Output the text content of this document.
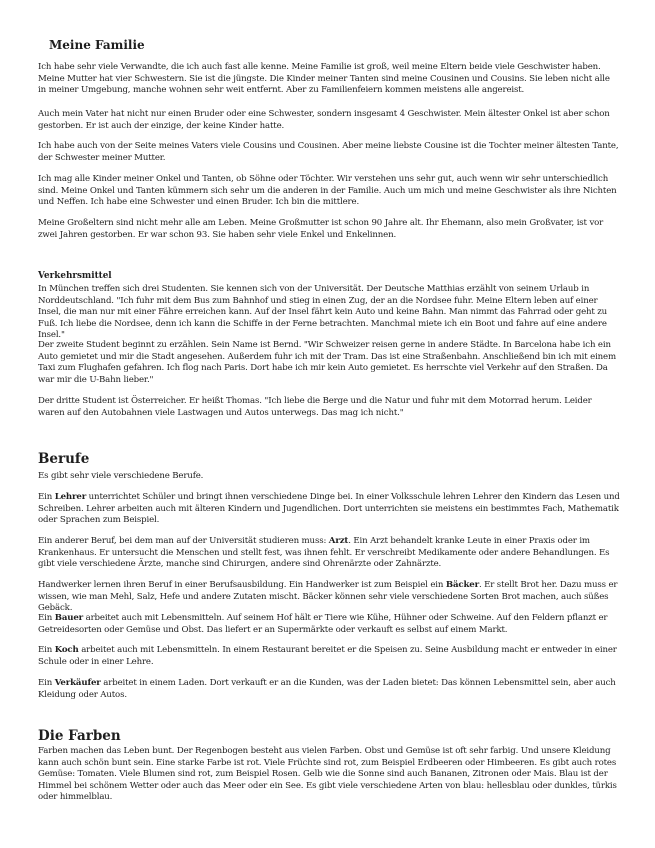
Meine Familie

Ich habe sehr viele Verwandte, die ich auch fast alle kenne. Meine Familie ist groß, weil meine Eltern beide viele Geschwister haben. Meine Mutter hat vier Schwestern. Sie ist die jüngste. Die Kinder meiner Tanten sind meine Cousinen und Cousins. Sie leben nicht alle in meiner Umgebung, manche wohnen sehr weit entfernt. Aber zu Familienfeiern kommen meistens alle angereist.

Auch mein Vater hat nicht nur einen Bruder oder eine Schwester, sondern insgesamt 4 Geschwister. Mein ältester Onkel ist aber schon gestorben. Er ist auch der einzige, der keine Kinder hatte.

Ich habe auch von der Seite meines Vaters viele Cousins und Cousinen. Aber meine liebste Cousine ist die Tochter meiner ältesten Tante, der Schwester meiner Mutter.

Ich mag alle Kinder meiner Onkel und Tanten, ob Söhne oder Töchter. Wir verstehen uns sehr gut, auch wenn wir sehr unterschiedlich sind. Meine Onkel und Tanten kümmern sich sehr um die anderen in der Familie. Auch um mich und meine Geschwister als ihre Nichten und Neffen. Ich habe eine Schwester und einen Bruder. Ich bin die mittlere.

Meine Großeltern sind nicht mehr alle am Leben. Meine Großmutter ist schon 90 Jahre alt. Ihr Ehemann, also mein Großvater, ist vor zwei Jahren gestorben. Er war schon 93. Sie haben sehr viele Enkel und Enkelinnen.

Verkehrsmittel

In München treffen sich drei Studenten. Sie kennen sich von der Universität. Der Deutsche Matthias erzählt von seinem Urlaub in Norddeutschland. "Ich fuhr mit dem Bus zum Bahnhof und stieg in einen Zug, der an die Nordsee fuhr. Meine Eltern leben auf einer Insel, die man nur mit einer Fähre erreichen kann. Auf der Insel fährt kein Auto und keine Bahn. Man nimmt das Fahrrad oder geht zu Fuß. Ich liebe die Nordsee, denn ich kann die Schiffe in der Ferne betrachten. Manchmal miete ich ein Boot und fahre auf eine andere Insel."

Der zweite Student beginnt zu erzählen. Sein Name ist Bernd. "Wir Schweizer reisen gerne in andere Städte. In Barcelona habe ich ein Auto gemietet und mir die Stadt angesehen. Außerdem fuhr ich mit der Tram. Das ist eine Straßenbahn. Anschließend bin ich mit einem Taxi zum Flughafen gefahren. Ich flog nach Paris. Dort habe ich mir kein Auto gemietet. Es herrschte viel Verkehr auf den Straßen. Da war mir die U-Bahn lieber."

Der dritte Student ist Österreicher. Er heißt Thomas. "Ich liebe die Berge und die Natur und fuhr mit dem Motorrad herum. Leider waren auf den Autobahnen viele Lastwagen und Autos unterwegs. Das mag ich nicht."

Berufe

Es gibt sehr viele verschiedene Berufe.

Ein Lehrer unterrichtet Schüler und bringt ihnen verschiedene Dinge bei. In einer Volksschule lehren Lehrer den Kindern das Lesen und Schreiben. Lehrer arbeiten auch mit älteren Kindern und Jugendlichen. Dort unterrichten sie meistens ein bestimmtes Fach, Mathematik oder Sprachen zum Beispiel.

Ein anderer Beruf, bei dem man auf der Universität studieren muss: Arzt. Ein Arzt behandelt kranke Leute in einer Praxis oder im Krankenhaus. Er untersucht die Menschen und stellt fest, was ihnen fehlt. Er verschreibt Medikamente oder andere Behandlungen. Es gibt viele verschiedene Ärzte, manche sind Chirurgen, andere sind Ohrenärzte oder Zahnärzte.

Handwerker lernen ihren Beruf in einer Berufsausbildung. Ein Handwerker ist zum Beispiel ein Bäcker. Er stellt Brot her. Dazu muss er wissen, wie man Mehl, Salz, Hefe und andere Zutaten mischt. Bäcker können sehr viele verschiedene Sorten Brot machen, auch süßes Gebäck.

Ein Bauer arbeitet auch mit Lebensmitteln. Auf seinem Hof hält er Tiere wie Kühe, Hühner oder Schweine. Auf den Feldern pflanzt er Getreidesorten oder Gemüse und Obst. Das liefert er an Supermärkte oder verkauft es selbst auf einem Markt.

Ein Koch arbeitet auch mit Lebensmitteln. In einem Restaurant bereitet er die Speisen zu. Seine Ausbildung macht er entweder in einer Schule oder in einer Lehre.

Ein Verkäufer arbeitet in einem Laden. Dort verkauft er an die Kunden, was der Laden bietet: Das können Lebensmittel sein, aber auch Kleidung oder Autos.

Die Farben

Farben machen das Leben bunt. Der Regenbogen besteht aus vielen Farben. Obst und Gemüse ist oft sehr farbig. Und unsere Kleidung kann auch schön bunt sein. Eine starke Farbe ist rot. Viele Früchte sind rot, zum Beispiel Erdbeeren oder Himbeeren. Es gibt auch rotes Gemüse: Tomaten. Viele Blumen sind rot, zum Beispiel Rosen. Gelb wie die Sonne sind auch Bananen, Zitronen oder Mais. Blau ist der Himmel bei schönem Wetter oder auch das Meer oder ein See. Es gibt viele verschiedene Arten von blau: hellesblau oder dunkles, türkis oder himmelblau.
